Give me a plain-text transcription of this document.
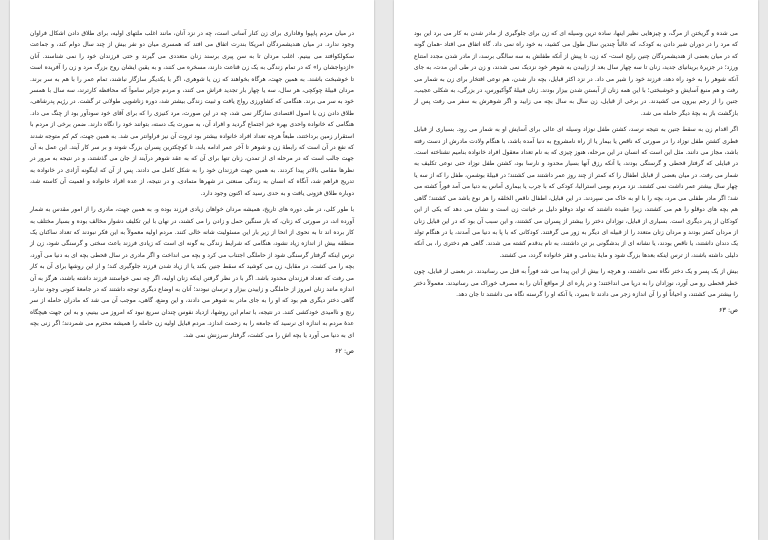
در میان مردم پایپوا وفاداری برای زن کنار آسانی است، چه در نزد آنان، مانند اغلب ملتهای اولیه، برای طلاق دادن اشکال فراوان وجود ندارد. در میان هندیشمردگان امریکا بندرت اتفاق می افتد که همسری میان دو نفر بیش از چند سال دوام کند، و جماعت سکولکوافتد می بینیم. اغلب مردان تا به سن پیری برسند زنان متعددی می گیرند و حتی فرزندان خود را نمی شناسند. آنان «ازدواجشان را» که در تمام زندگی به یک زن قناعت دارند، مسخره می کنند، و به یقین ایشان روح بزرگ مرد و زن را آفریده است تا خوشبخت باشند. به همین جهت، هرگاه بخواهند که زن یا شوهری، اگر با یکدیگر سازگار نباشند، تمام عمر را با هم به سر برند. مردان قبیلهٔ چوکچی، هر سال، سه یا چهار بار تجدید فراش می کنند، و مردم جزایر ساموآ که محافظه کارترند، سه سال با همسر خود به سر می برند. هنگامی که کشاورزی رواج یافت و ثبیت زندگی بیشتر شد، دوره زناشویی طولانی تر گشت. در رژیم پدرشاهی، طلاق دادن زن با اصول اقتصادی سازگار نمی شد، چه در این صورت، مرد کنیزی را که برای آقای خود سودآور بود از چنگ می داد. هنگامی که خانواده واحدی بهره خیز اجتماع گردید و افراد آن، به صورت یک دسته، بتوانند خود را نگاه دارند. ضمن برخی از مردم با استقرار زمین برداختند، طبعاً هرچه تعداد افراد خانواده بیشتر بود ثروت آن نیز فراوانتر می شد. به همین جهت، کم کم متوجه شدند که نفع در آن است که رابطهٔ زن و شوهر تا آخر عمر ادامه یابد، تا کوچکترین پسران بزرگ شوند و بر سر کار آیند. این عمل به آن جهت جالب است که در مرحله ای از تمدن، زنان تنها برای آن که به عقد شوهر درآیند از جان می گذشتند، و در نتیجه به مرور در نظرها مقامی بالاتر پیدا کردند. به همین جهت فرزندان خود را به شکل کامل می دادند. پس از آن که اینگونه آزادی در خانواده به تدریج فراهم شد، آنگاه که انسان به زندگی صنعتی در شهرها متمادی، و در نتیجه، از عده افراد خانواده و اهمیت آن کاسته شد، دوباره طلاق فزونی یافت و به حدی رسید که اکنون وجود دارد.

با طور کلی، در طی دوره های تاریخ، همیشه مردان خواهان زیادی فرزند بوده و، به همین جهت، مادری را از امور مقدس به شمار آورده اند، در صورتی که زنان، که بار سنگین حمل و زادن را می کشند، در نهان با این تکلیف دشوار مخالف بوده و بسیار مختلف به کار برده اند تا به نحوی از انحا از زیر بار این مسئولیت شانه خالی کنند. مردم اولیه معمولاً به این فکر نبودند که تعداد ساکنان یک منطقه بیش از اندازه زیاد نشود، هنگامی که شرایط زندگی به گونه ای است که زیادی فرزند باعث سختی و گرسنگی شود، زن از ترس اینکه گرفتار گرسنگی شود از حاملگی اجتناب می کرد و بچه می انداخت و اگر مادری در سال قحطی بچه ای به دنیا می آورد، بچه را می کشت. در مقابل، زن می کوشید که سقط جنین بکند یا از زیاد شدن فرزند جلوگیری کند؛ و از این روشها برای آن به کار می رفت که تعداد فرزندان محدود باشد. اگر با در نظر گرفتن اینکه زنان اولیه، اگر چه نمی خواستند فرزند داشته باشند، هرگز به آن اندازه مانند زنان امروز از حاملگی و زاییدن بیزار و ترسان نبودند؛ آنان به اوضاع دیگری توجه داشتند که در جامعهٔ کنونی وجود ندارد. گاهی دختر دیگری هم بود که او را به جای مادر به شوهر می دادند، و این وضع، گاهی، موجب آن می شد که مادران حامله از سر رنج و ناامیدی خودکشی کنند. در نتیجه، با تمام این روشها، ازدیاد نفوس چندان سریع نبود که امروز می بینیم، و به این جهت هیچگاه عدهٔ مردم به اندازه ای نرسید که جامعه را به زحمت اندازد. مردم قبایل اولیه زن حامله را همیشه محترم می شمردند؛ اگر زنی بچه ای به دنیا می آورد یا بچه اش را می کشت، گرفتار سرزنش نمی شد.

ص: ۶۲

می شده و گریختن از مرگ، و چیزهایی نظیر اینها، ساده ترین وسیله ای که زن برای جلوگیری از مادر شدن به کار می برد این بود که مرد را در دوران شیر دادن به کودک، که غالباً چندین سال طول می کشید، به خود راه نمی داد. گاه اتفاق می افتاد -همان گونه که در میان بعضی از هندیشمردگان چنین رایج است- که زن، تا پیش از آنکه طفلش به سه سالگی برسد، از مادر شدن مجدد امتناع ورزد؛ در جزیرهٔ برینانیای جدید، زنان تا سه چهار سال بعد از زاییدن به شوهر خود نزدیک نمی شدند، و زن در طی این مدت، به جای آنکه شوهر را به خود راه دهد، فرزند خود را شیر می داد. در نزد اکثر قبایل، بچه دار شدن، هم نوعی افتخار برای زن به شمار می رفت و هم منبع آسایش و خوشبختی؛ با این همه زنان از آبستن شدن بیزار بودند. زنان قبیلهٔ گوآکیورس، در بزرگی، به شکلی عجیب، جنین را از رحم بیرون می کشیدند. در برخی از قبایل، زن سال به سال بچه می زایید و اگر شوهرش به سفر می رفت پس از بازگشت باز به بچهٔ دیگر حامله می شد.

اگر اقدام زن به سقط جنین به نتیجه نرسد، کشتن طفل نوزاد وسیله ای عالی برای آسایش او به شمار می رود. بسیاری از قبایل فطری کشتن طفل نوزاد را در صورتی که ناقص یا بیمار یا از راه نامشروع به دنیا آمده باشد، با هنگام ولادت مادرش از دست رفته باشد، مجاز می دانند. مثل این است که انسان در این مرحله، هنوز چیزی که به نام تعداد معقول افراد خانواده بنامیم نشناخته است. در قبایلی که گرفتار قحطی و گرسنگی بودند، یا آنکه رزق آنها بسیار محدود و نارسا بود، کشتن طفل نوزاد حتی نوعی تکلیف به شمار می رفت. در میان بعضی از قبایل اطفال را که کمتر از چند روز عمر داشتند می کشتند؛ در قبیلهٔ بوشمن، طفل را که از سه یا چهار سال بیشتر عمر داشت نمی کشتند. نزد مردم بومی استرالیا، کودکی که با جرب یا بیماری آماس به دنیا می آمد فوراً کشته می شد؛ اگر مادر طفلی می مرد، بچه را با او به خاک می سپردند. در این قبایل، اطفال ناقص الخلقه را هر نوع باشد می کشتند؛ گاهی هم بچه های دوقلو را هم می کشتند، زیرا عقیده داشتند که تولد دوقلو دلیل بر خیانت زن است و نشان می دهد که یکی از این کودکان از پدر دیگری است. بسیاری از قبایل، نوزادان دختر را بیشتر از پسران می کشتند، و این سبب آن بود که در این قبایل زنان از مردان کمتر بودند و مردان زنان متعدد را از قبیله ای دیگر به زور می گرفتند. کودکانی که با پا به دنیا می آمدند، یا در هنگام تولد یک دندان داشتند، یا ناقص بودند، یا نشانه ای از بدشگونی بر تن داشتند، به نام بدقدم کشته می شدند. گاهی هم دختری را، بی آنکه دلیلی داشته باشند، از ترس اینکه بعدها بزرگ شود و مایهٔ بدنامی و فقر خانواده گردد، می کشتند.

بیش از یک پسر و یک دختر نگاه نمی داشتند، و هرچه را بیش از این پیدا می شد فوراً به قتل می رسانیدند. در بعضی از قبایل، چون خطر قحطی رو می آورد، نوزادان را به دریا می انداختند؛ و در پاره ای از مواقع آنان را به مصرف خوراک می رسانیدند. معمولاً دختر را بیشتر می کشتند، و احیاناً او را آن اندازه زجر می دادند تا بمیرد، یا آنکه او را گرسنه نگاه می داشتند تا جان دهد.

ص: ۶۳
